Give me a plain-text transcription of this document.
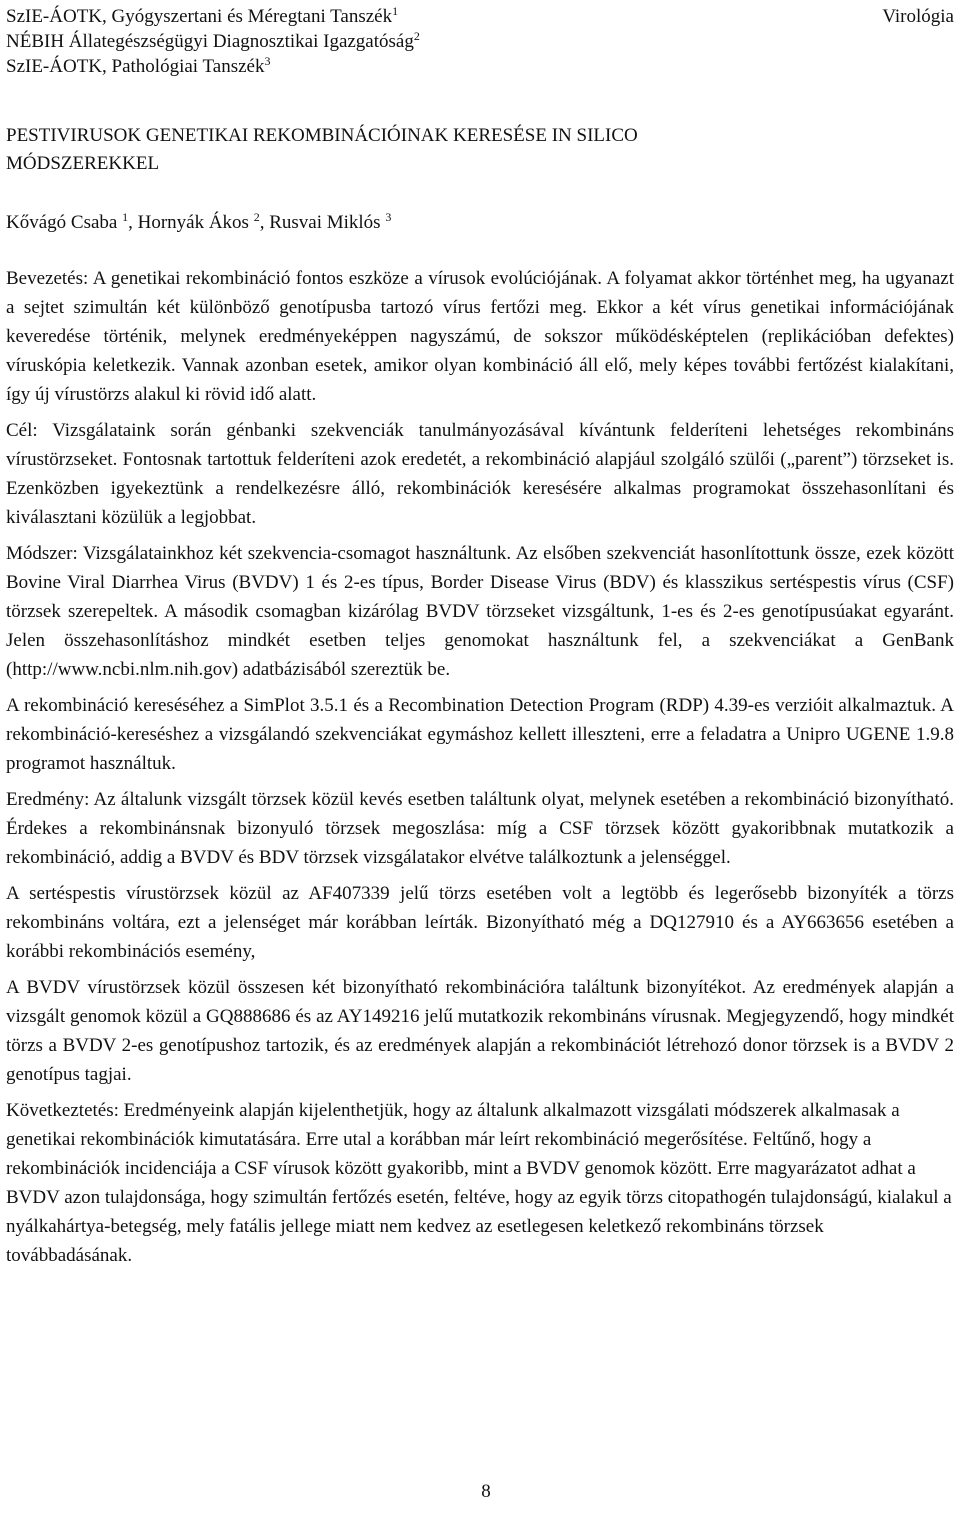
SzIE-ÁOTK, Gyógyszertani és Méregtani Tanszék$^1$
NÉBIH Állategészségügyi Diagnosztikai Igazgatóság$^2$
SzIE-ÁOTK, Pathológiai Tanszék$^3$
Virológia
PESTIVIRUSOK GENETIKAI REKOMBINÁCIÓINAK KERESÉSE IN SILICO
MÓDSZEREKKEL
Kővágó Csaba $^1$, Hornyák Ákos $^2$, Rusvai Miklós $^3$

Bevezetés: A genetikai rekombináció fontos eszköze a vírusok evolúciójának. A folyamat akkor történhet meg, ha ugyanazt a sejtet szimultán két különböző genotípusba tartozó vírus fertőzi meg. Ekkor a két vírus genetikai információjának keveredése történik, melynek eredményeképpen nagyszámú, de sokszor működésképtelen (replikációban defektes) víruskópia keletkezik. Vannak azonban esetek, amikor olyan kombináció áll elő, mely képes további fertőzést kialakítani, így új vírustörzs alakul ki rövid idő alatt.

Cél: Vizsgálataink során génbanki szekvenciák tanulmányozásával kívántunk felderíteni lehetséges rekombináns vírustörzseket. Fontosnak tartottuk felderíteni azok eredetét, a rekombináció alapjául szolgáló szülői („parent”) törzseket is. Ezenközben igyekeztünk a rendelkezésre álló, rekombinációk keresésére alkalmas programokat összehasonlítani és kiválasztani közülük a legjobbat.

Módszer: Vizsgálatainkhoz két szekvencia-csomagot használtunk. Az elsőben szekvenciát hasonlítottunk össze, ezek között Bovine Viral Diarrhea Virus (BVDV) 1 és 2-es típus, Border Disease Virus (BDV) és klasszikus sertéspestis vírus (CSF) törzsek szerepeltek. A második csomagban kizárólag BVDV törzseket vizsgáltunk, 1-es és 2-es genotípusúakat egyaránt. Jelen összehasonlításhoz mindkét esetben teljes genomokat használtunk fel, a szekvenciákat a GenBank (http://www.ncbi.nlm.nih.gov) adatbázisából szereztük be.

A rekombináció kereséséhez a SimPlot 3.5.1 és a Recombination Detection Program (RDP) 4.39-es verzióit alkalmaztuk. A rekombináció-kereséshez a vizsgálandó szekvenciákat egymáshoz kellett illeszteni, erre a feladatra a Unipro UGENE 1.9.8 programot használtuk.

Eredmény: Az általunk vizsgált törzsek közül kevés esetben találtunk olyat, melynek esetében a rekombináció bizonyítható. Érdekes a rekombinánsnak bizonyuló törzsek megoszlása: míg a CSF törzsek között gyakoribbnak mutatkozik a rekombináció, addig a BVDV és BDV törzsek vizsgálatakor elvétve találkoztunk a jelenséggel.

A sertéspestis vírustörzsek közül az AF407339 jelű törzs esetében volt a legtöbb és legerősebb bizonyíték a törzs rekombináns voltára, ezt a jelenséget már korábban leírták. Bizonyítható még a DQ127910 és a AY663656 esetében a korábbi rekombinációs esemény,

A BVDV vírustörzsek közül összesen két bizonyítható rekombinációra találtunk bizonyítékot. Az eredmények alapján a vizsgált genomok közül a GQ888686 és az AY149216 jelű mutatkozik rekombináns vírusnak. Megjegyzendő, hogy mindkét törzs a BVDV 2-es genotípushoz tartozik, és az eredmények alapján a rekombinációt létrehozó donor törzsek is a BVDV 2 genotípus tagjai.

Következtetés: Eredményeink alapján kijelenthetjük, hogy az általunk alkalmazott vizsgálati módszerek alkalmasak a genetikai rekombinációk kimutatására. Erre utal a korábban már leírt rekombináció megerősítése. Feltűnő, hogy a rekombinációk incidenciája a CSF vírusok között gyakoribb, mint a BVDV genomok között. Erre magyarázatot adhat a BVDV azon tulajdonsága, hogy szimultán fertőzés esetén, feltéve, hogy az egyik törzs citopathogén tulajdonságú, kialakul a nyálkahártya-betegség, mely fatális jellege miatt nem kedvez az esetlegesen keletkező rekombináns törzsek továbbadásának.

8
